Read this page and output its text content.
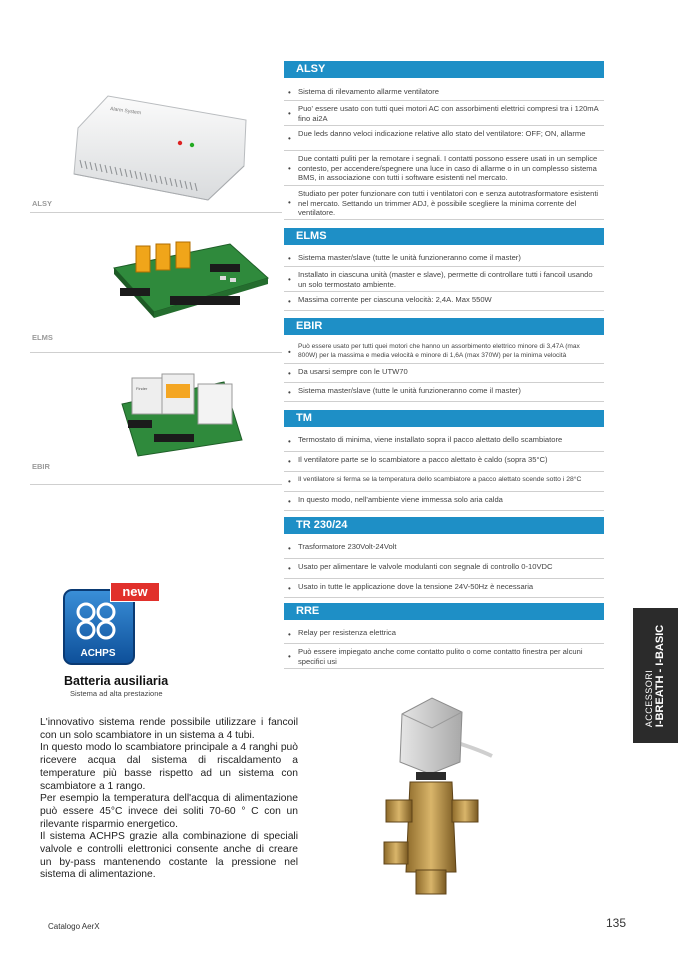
Alarm System
ALSY
ELMS
Finder
EBIR
ALSY
• Sistema di rilevamento allarme ventilatore
• Puo' essere usato con tutti quei motori AC con assorbimenti elettrici compresi tra i 120mA fino ai2A
• Due leds danno veloci indicazione relative allo stato del ventilatore: OFF; ON, allarme
• Due contatti puliti per la remotare i segnali. I contatti possono essere usati in un semplice contesto, per accendere/spegnere una luce in caso di allarme o in un complesso sistema BMS, in associazione con tutti i software esistenti nel mercato.
• Studiato per poter funzionare con tutti i ventilatori con e senza autotrasformatore esistenti nel mercato. Settando un trimmer ADJ, è possibile scegliere la minima corrente del ventilatore.
ELMS
• Sistema master/slave (tutte le unità funzioneranno come il master)
• Installato in ciascuna unità (master e slave), permette di controllare tutti i fancoil usando un solo termostato ambiente.
• Massima corrente per ciascuna velocità: 2,4A. Max 550W
EBIR
• Può essere usato per tutti quei motori che hanno un assorbimento elettrico minore di 3,47A (max 800W) per la massima e media velocità e minore di 1,6A (max 370W) per la minima velocità
• Da usarsi sempre con le UTW70
• Sistema master/slave (tutte le unità funzioneranno come il master)
TM
• Termostato di minima, viene installato sopra il pacco alettato dello scambiatore
• Il ventilatore parte se lo scambiatore a pacco alettato è caldo (sopra 35°C)
• Il ventilatore si ferma se la temperatura dello scambiatore a pacco alettato scende sotto i 28°C
• In questo modo, nell'ambiente viene immessa solo aria calda
TR 230/24
• Trasformatore 230Volt-24Volt
• Usato per alimentare le valvole modulanti con segnale di controllo 0-10VDC
• Usato in tutte le applicazione dove la tensione 24V-50Hz è necessaria
RRE
• Relay per resistenza elettrica
• Può essere impiegato anche come contatto pulito o come contatto finestra per alcuni specifici usi
ACHPS
new
Batteria ausiliaria
Sistema ad alta prestazione
L'innovativo sistema rende possibile utilizzare i fancoil con un solo scambiatore in un sistema a 4 tubi.
In questo modo lo scambiatore principale a 4 ranghi può ricevere acqua dal sistema di riscaldamento a temperature più basse rispetto ad un sistema con scambiatore a 1 rango.
Per esempio la temperatura dell'acqua di alimentazione può essere 45°C invece dei soliti 70-60 ° C con un rilevante risparmio energetico.
Il sistema ACHPS grazie alla combinazione di speciali valvole e controlli elettronici consente anche di creare un by-pass mantenendo costante la pressione nel sistema di alimentazione.
ACCESSORI I-BREATH - I-BASIC
Catalogo AerX	135
